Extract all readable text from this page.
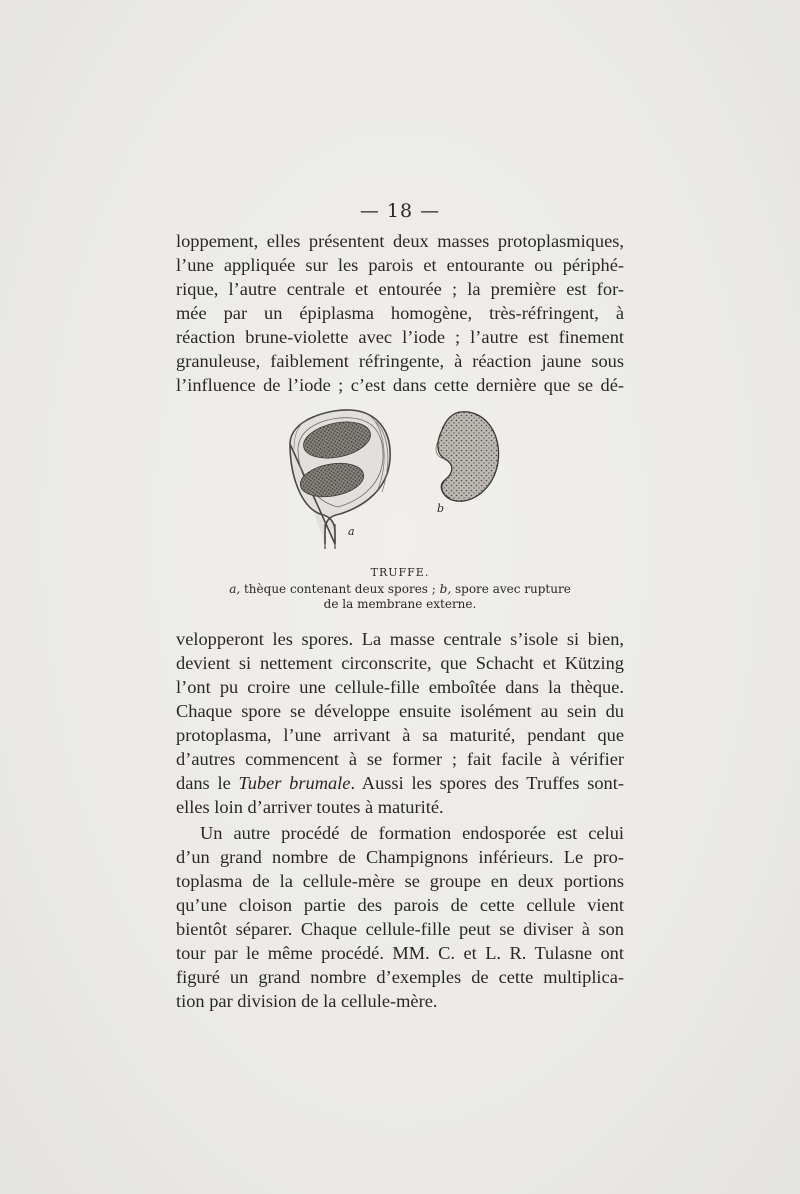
— 18 —
loppement, elles présentent deux masses protoplasmiques,
l’une appliquée sur les parois et entourante ou périphé-
rique, l’autre centrale et entourée ; la première est for-
mée par un épiplasma homogène, très-réfringent, à
réaction brune-violette avec l’iode ; l’autre est finement
granuleuse, faiblement réfringente, à réaction jaune sous
l’influence de l’iode ; c’est dans cette dernière que se dé-
a
b
TRUFFE.
a, thèque contenant deux spores ; b, spore avec rupture
de la membrane externe.
velopperont les spores. La masse centrale s’isole si bien,
devient si nettement circonscrite, que Schacht et Kützing
l’ont pu croire une cellule-fille emboîtée dans la thèque.
Chaque spore se développe ensuite isolément au sein du
protoplasma, l’une arrivant à sa maturité, pendant que
d’autres commencent à se former ; fait facile à vérifier
dans le Tuber brumale. Aussi les spores des Truffes sont-
elles loin d’arriver toutes à maturité.
Un autre procédé de formation endosporée est celui
d’un grand nombre de Champignons inférieurs. Le pro-
toplasma de la cellule-mère se groupe en deux portions
qu’une cloison partie des parois de cette cellule vient
bientôt séparer. Chaque cellule-fille peut se diviser à son
tour par le même procédé. MM. C. et L. R. Tulasne ont
figuré un grand nombre d’exemples de cette multiplica-
tion par division de la cellule-mère.
